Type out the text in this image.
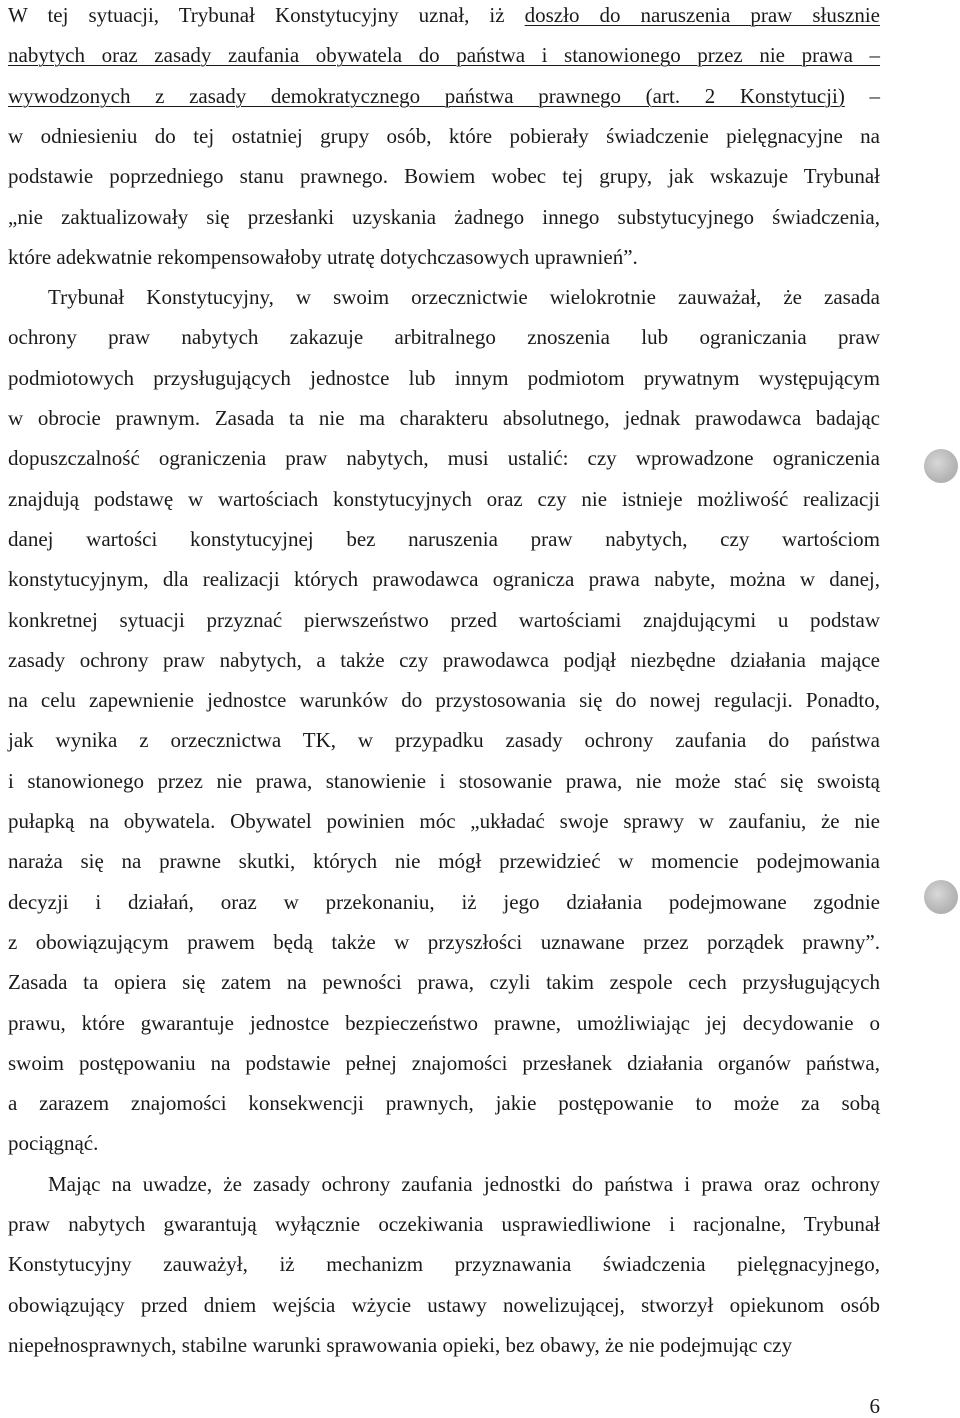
W tej sytuacji, Trybunał Konstytucyjny uznał, iż doszło do naruszenia praw słusznie
nabytych oraz zasady zaufania obywatela do państwa i stanowionego przez nie prawa –
wywodzonych z zasady demokratycznego państwa prawnego (art. 2 Konstytucji) –
w odniesieniu do tej ostatniej grupy osób, które pobierały świadczenie pielęgnacyjne na
podstawie poprzedniego stanu prawnego. Bowiem wobec tej grupy, jak wskazuje Trybunał
„nie zaktualizowały się przesłanki uzyskania żadnego innego substytucyjnego świadczenia,
które adekwatnie rekompensowałoby utratę dotychczasowych uprawnień”.
Trybunał Konstytucyjny, w swoim orzecznictwie wielokrotnie zauważał, że zasada
ochrony praw nabytych zakazuje arbitralnego znoszenia lub ograniczania praw
podmiotowych przysługujących jednostce lub innym podmiotom prywatnym występującym
w obrocie prawnym. Zasada ta nie ma charakteru absolutnego, jednak prawodawca badając
dopuszczalność ograniczenia praw nabytych, musi ustalić: czy wprowadzone ograniczenia
znajdują podstawę w wartościach konstytucyjnych oraz czy nie istnieje możliwość realizacji
danej wartości konstytucyjnej bez naruszenia praw nabytych, czy wartościom
konstytucyjnym, dla realizacji których prawodawca ogranicza prawa nabyte, można w danej,
konkretnej sytuacji przyznać pierwszeństwo przed wartościami znajdującymi u podstaw
zasady ochrony praw nabytych, a także czy prawodawca podjął niezbędne działania mające
na celu zapewnienie jednostce warunków do przystosowania się do nowej regulacji. Ponadto,
jak wynika z orzecznictwa TK, w przypadku zasady ochrony zaufania do państwa
i stanowionego przez nie prawa, stanowienie i stosowanie prawa, nie może stać się swoistą
pułapką na obywatela. Obywatel powinien móc „układać swoje sprawy w zaufaniu, że nie
naraża się na prawne skutki, których nie mógł przewidzieć w momencie podejmowania
decyzji i działań, oraz w przekonaniu, iż jego działania podejmowane zgodnie
z obowiązującym prawem będą także w przyszłości uznawane przez porządek prawny”.
Zasada ta opiera się zatem na pewności prawa, czyli takim zespole cech przysługujących
prawu, które gwarantuje jednostce bezpieczeństwo prawne, umożliwiając jej decydowanie o
swoim postępowaniu na podstawie pełnej znajomości przesłanek działania organów państwa,
a zarazem znajomości konsekwencji prawnych, jakie postępowanie to może za sobą
pociągnąć.
Mając na uwadze, że zasady ochrony zaufania jednostki do państwa i prawa oraz ochrony
praw nabytych gwarantują wyłącznie oczekiwania usprawiedliwione i racjonalne, Trybunał
Konstytucyjny zauważył, iż mechanizm przyznawania świadczenia pielęgnacyjnego,
obowiązujący przed dniem wejścia wżycie ustawy nowelizującej, stworzył opiekunom osób
niepełnosprawnych, stabilne warunki sprawowania opieki, bez obawy, że nie podejmując czy
6
